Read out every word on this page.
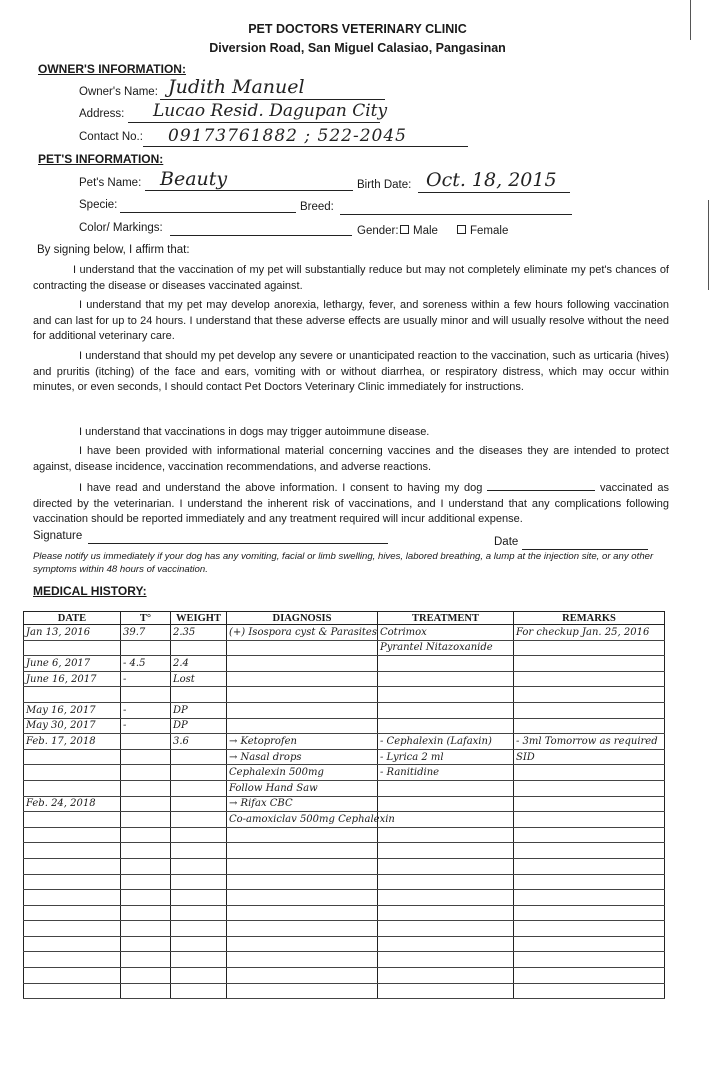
PET DOCTORS VETERINARY CLINIC
Diversion Road, San Miguel Calasiao, Pangasinan
OWNER'S INFORMATION:
Owner's Name: Judith Manuel
Address: Lucao Resid. Dagupan City
Contact No.: 09173761882 ; 522-2045
PET'S INFORMATION:
Pet's Name: Beauty	Birth Date: Oct. 18, 2015
Specie:	Breed:
Color/ Markings:	Gender: Male	Female
By signing below, I affirm that:
I understand that the vaccination of my pet will substantially reduce but may not completely eliminate my pet's chances of contracting the disease or diseases vaccinated against.
I understand that my pet may develop anorexia, lethargy, fever, and soreness within a few hours following vaccination and can last for up to 24 hours. I understand that these adverse effects are usually minor and will usually resolve without the need for additional veterinary care.
I understand that should my pet develop any severe or unanticipated reaction to the vaccination, such as urticaria (hives) and pruritis (itching) of the face and ears, vomiting with or without diarrhea, or respiratory distress, which may occur within minutes, or even seconds, I should contact Pet Doctors Veterinary Clinic immediately for instructions.
I understand that vaccinations in dogs may trigger autoimmune disease.
I have been provided with informational material concerning vaccines and the diseases they are intended to protect against, disease incidence, vaccination recommendations, and adverse reactions.
I have read and understand the above information. I consent to having my dog	vaccinated as directed by the veterinarian. I understand the inherent risk of vaccinations, and I understand that any complications following vaccination should be reported immediately and any treatment required will incur additional expense.
Signature	Date
Please notify us immediately if your dog has any vomiting, facial or limb swelling, hives, labored breathing, a lump at the injection site, or any other symptoms within 48 hours of vaccination.
MEDICAL HISTORY:
DATE	T°	WEIGHT	DIAGNOSIS	TREATMENT	REMARKS
Jan 13, 2016	39.7	2.35	(+) Isospora cyst & Parasites	Cotrimox	For checkup Jan. 25, 2016
				Pyrantel Nitazoxanide	
June 6, 2017	- 4.5	2.4			
June 16, 2017	-	Lost			

May 16, 2017	-	DP			
May 30, 2017	-	DP			
Feb. 17, 2018		3.6	→ Ketoprofen	- Cephalexin (Lafaxin)	- 3ml Tomorrow as required
			→ Nasal drops	- Lyrica 2 ml	SID
			Cephalexin 500mg	- Ranitidine	
			Follow Hand Saw		
Feb. 24, 2018			→ Rifax CBC		
			Co-amoxiclav 500mg Cephalexin		
